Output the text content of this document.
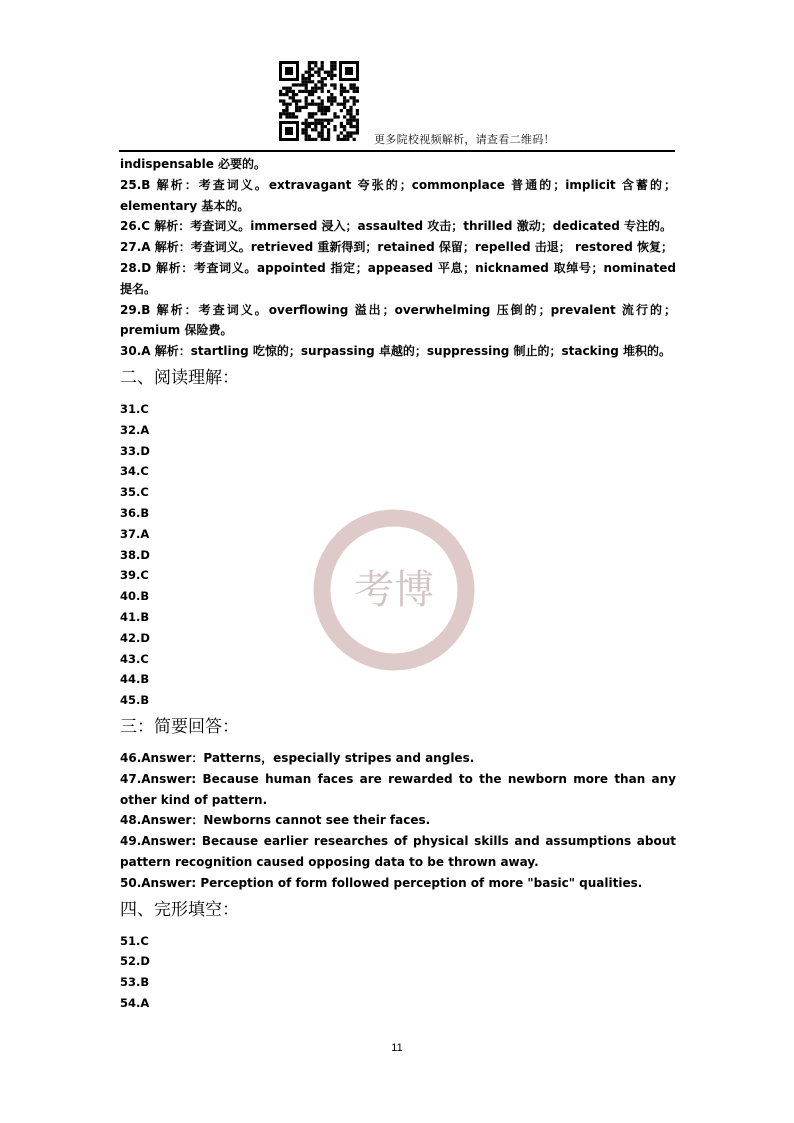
更多院校视频解析，请查看二维码！
考博
indispensable 必要的。
25.B 解析：考查词义。extravagant 夸张的；commonplace 普通的；implicit 含蓄的；elementary 基本的。
26.C 解析：考查词义。immersed 浸入；assaulted 攻击；thrilled 激动；dedicated 专注的。
27.A 解析：考查词义。retrieved 重新得到；retained 保留；repelled 击退； restored 恢复；
28.D 解析：考查词义。appointed 指定；appeased 平息；nicknamed 取绰号；nominated 提名。
29.B 解析：考查词义。overflowing 溢出；overwhelming 压倒的；prevalent 流行的；premium 保险费。
30.A 解析：startling 吃惊的；surpassing 卓越的；suppressing 制止的；stacking 堆积的。
二、阅读理解：
31.C
32.A
33.D
34.C
35.C
36.B
37.A
38.D
39.C
40.B
41.B
42.D
43.C
44.B
45.B
三：简要回答：
46.Answer：Patterns，especially stripes and angles.
47.Answer: Because human faces are rewarded to the newborn more than any other kind of pattern.
48.Answer：Newborns cannot see their faces.
49.Answer: Because earlier researches of physical skills and assumptions about pattern recognition caused opposing data to be thrown away.
50.Answer: Perception of form followed perception of more "basic" qualities.
四、完形填空：
51.C
52.D
53.B
54.A
11
